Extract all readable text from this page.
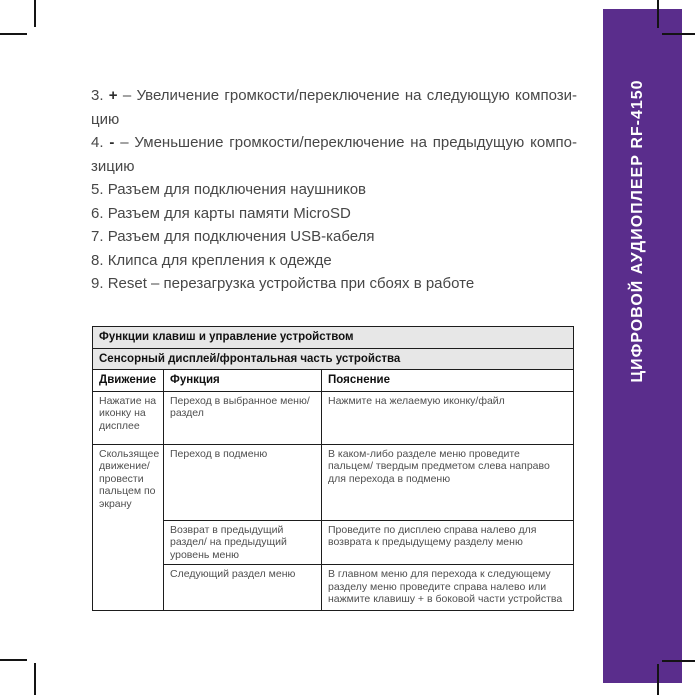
ЦИФРОВОЙ АУДИОПЛЕЕР RF-4150

3. + – Увеличение громкости/переключение на следующую компози-

цию

4. - – Уменьшение громкости/переключение на предыдущую компо-

зицию

5. Разъем для подключения наушников

6. Разъем для карты памяти MicroSD

7. Разъем для подключения USB-кабеля

8. Клипса для крепления к одежде

9. Reset – перезагрузка устройства при сбоях в работе

Функции клавиш и управление устройством		
Сенсорный дисплей/фронтальная часть устройства		
Движение	Функция	Пояснение
Нажатие на иконку на дисплее	Переход в выбранное меню/ раздел	Нажмите на желаемую иконку/файл
Скользящее движение/ провести пальцем по экрану	Переход в подменю	В каком-либо разделе меню проведите пальцем/ твердым предметом слева направо для перехода в подменю
	Возврат в предыдущий раздел/ на предыдущий уровень меню	Проведите по дисплею справа налево для возврата к предыдущему разделу меню
	Следующий раздел меню	В главном меню для перехода к следующему разделу меню проведите справа налево или нажмите клавишу + в боковой части устройства
